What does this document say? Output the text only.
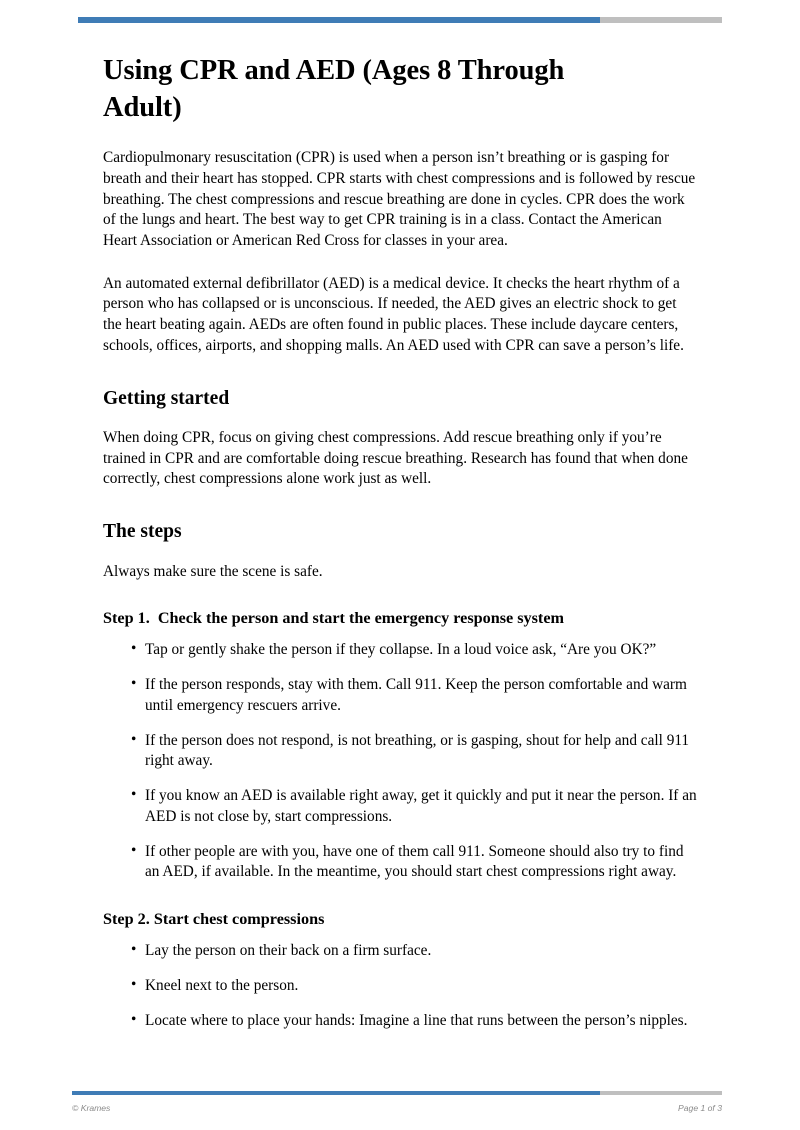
Using CPR and AED (Ages 8 Through Adult)

Cardiopulmonary resuscitation (CPR) is used when a person isn’t breathing or is gasping for breath and their heart has stopped. CPR starts with chest compressions and is followed by rescue breathing. The chest compressions and rescue breathing are done in cycles. CPR does the work of the lungs and heart. The best way to get CPR training is in a class. Contact the American Heart Association or American Red Cross for classes in your area.

An automated external defibrillator (AED) is a medical device. It checks the heart rhythm of a person who has collapsed or is unconscious. If needed, the AED gives an electric shock to get the heart beating again. AEDs are often found in public places. These include daycare centers, schools, offices, airports, and shopping malls. An AED used with CPR can save a person’s life.

Getting started

When doing CPR, focus on giving chest compressions. Add rescue breathing only if you’re trained in CPR and are comfortable doing rescue breathing. Research has found that when done correctly, chest compressions alone work just as well.

The steps

Always make sure the scene is safe.

Step 1.  Check the person and start the emergency response system
• Tap or gently shake the person if they collapse. In a loud voice ask, “Are you OK?”
• If the person responds, stay with them. Call 911. Keep the person comfortable and warm until emergency rescuers arrive.
• If the person does not respond, is not breathing, or is gasping, shout for help and call 911 right away.
• If you know an AED is available right away, get it quickly and put it near the person. If an AED is not close by, start compressions.
• If other people are with you, have one of them call 911. Someone should also try to find an AED, if available. In the meantime, you should start chest compressions right away.
Step 2. Start chest compressions
• Lay the person on their back on a firm surface.
• Kneel next to the person.
• Locate where to place your hands: Imagine a line that runs between the person’s nipples.
© Krames	Page 1 of 3
